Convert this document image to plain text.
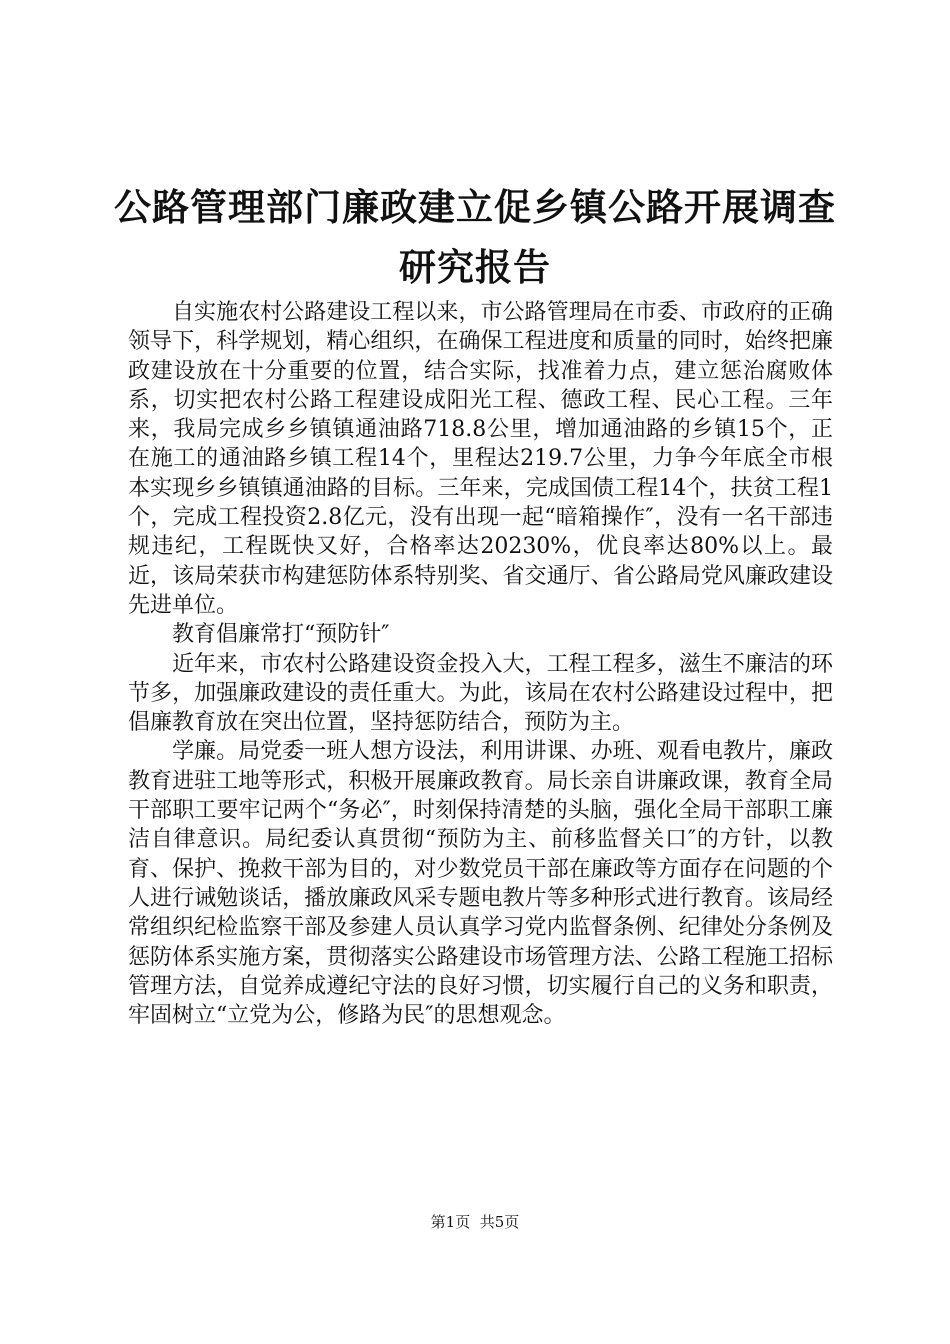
公路管理部门廉政建立促乡镇公路开展调查研究报告

自实施农村公路建设工程以来，市公路管理局在市委、市政府的正确领导下，科学规划，精心组织，在确保工程进度和质量的同时，始终把廉政建设放在十分重要的位置，结合实际，找准着力点，建立惩治腐败体系，切实把农村公路工程建设成阳光工程、德政工程、民心工程。三年来，我局完成乡乡镇镇通油路718.8公里，增加通油路的乡镇15个，正在施工的通油路乡镇工程14个，里程达219.7公里，力争今年底全市根本实现乡乡镇镇通油路的目标。三年来，完成国债工程14个，扶贫工程1个，完成工程投资2.8亿元，没有出现一起“暗箱操作″，没有一名干部违规违纪，工程既快又好，合格率达20230%，优良率达80%以上。最近，该局荣获市构建惩防体系特别奖、省交通厅、省公路局党风廉政建设先进单位。

教育倡廉常打“预防针″

近年来，市农村公路建设资金投入大，工程工程多，滋生不廉洁的环节多，加强廉政建设的责任重大。为此，该局在农村公路建设过程中，把倡廉教育放在突出位置，坚持惩防结合，预防为主。

学廉。局党委一班人想方设法，利用讲课、办班、观看电教片，廉政教育进驻工地等形式，积极开展廉政教育。局长亲自讲廉政课，教育全局干部职工要牢记两个“务必″，时刻保持清楚的头脑，强化全局干部职工廉洁自律意识。局纪委认真贯彻“预防为主、前移监督关口″的方针，以教育、保护、挽救干部为目的，对少数党员干部在廉政等方面存在问题的个人进行诫勉谈话，播放廉政风采专题电教片等多种形式进行教育。该局经常组织纪检监察干部及参建人员认真学习党内监督条例、纪律处分条例及惩防体系实施方案，贯彻落实公路建设市场管理方法、公路工程施工招标管理方法，自觉养成遵纪守法的良好习惯，切实履行自己的义务和职责，牢固树立“立党为公，修路为民″的思想观念。

第1页 共5页
